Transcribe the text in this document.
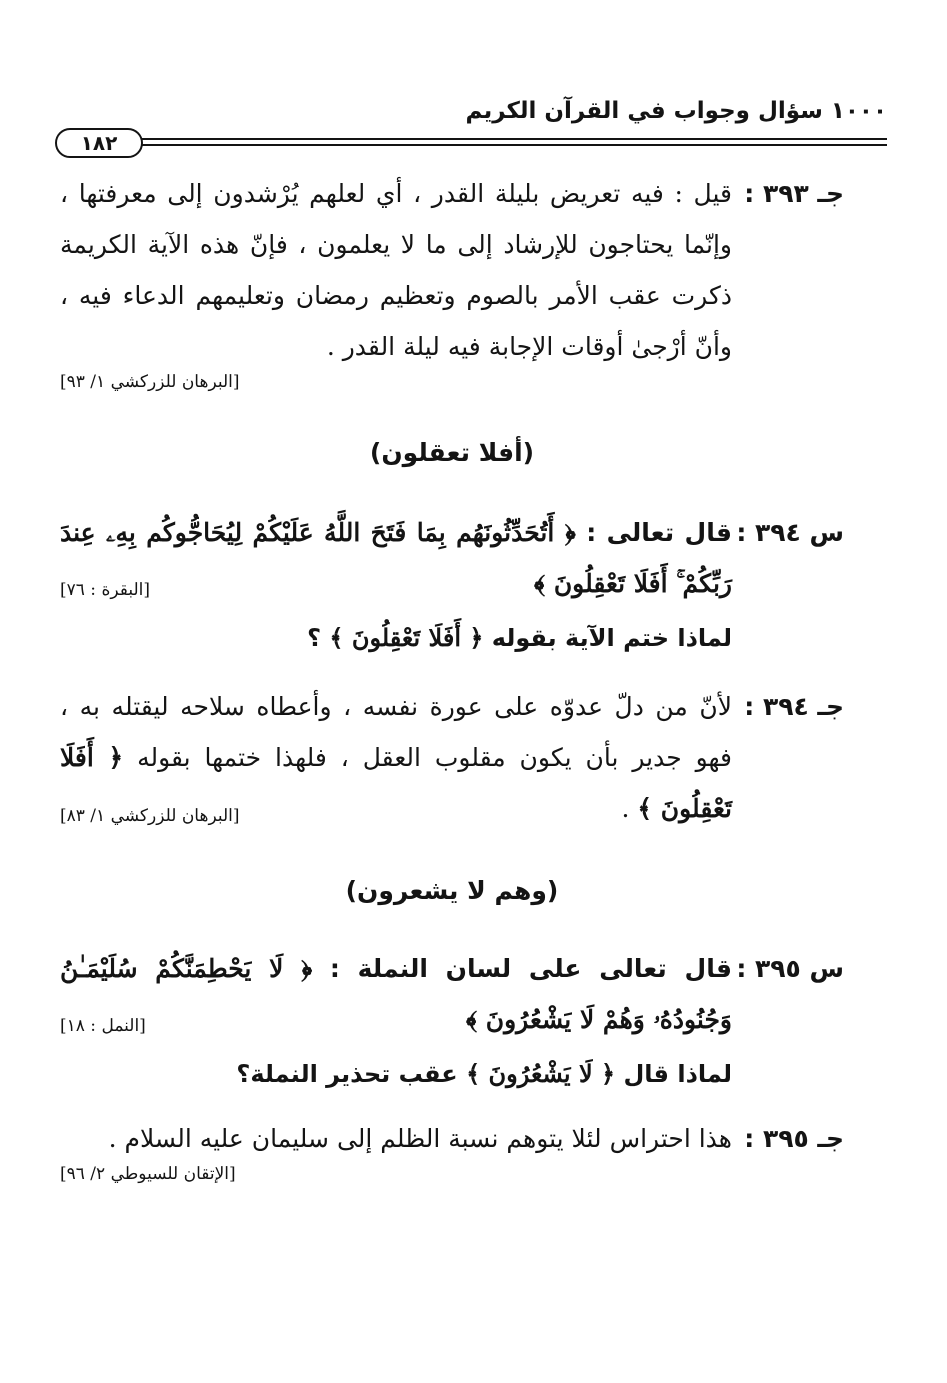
١٠٠٠ سؤال وجواب في القرآن الكريم
١٨٢
جـ ٣٩٣ :
قيل : فيه تعريض بليلة القدر ، أي لعلهم يُرْشدون إلى معرفتها ، وإنّما يحتاجون للإرشاد إلى ما لا يعلمون ، فإنّ هذه الآية الكريمة ذكرت عقب الأمر بالصوم وتعظيم رمضان وتعليمهم الدعاء فيه ، وأنّ أرْجىٰ أوقات الإجابة فيه ليلة القدر .
[البرهان للزركشي ١/ ٩٣]
(أفلا تعقلون)
س ٣٩٤ :
قال تعالى : ﴿ أَتُحَدِّثُونَهُم بِمَا فَتَحَ اللَّهُ عَلَيْكُمْ لِيُحَاجُّوكُم بِهِۦ عِندَ رَبِّكُمْ ۚ أَفَلَا تَعْقِلُونَ ﴾
[البقرة : ٧٦]
لماذا ختم الآية بقوله ﴿ أَفَلَا تَعْقِلُونَ ﴾ ؟
جـ ٣٩٤ :
لأنّ من دلّ عدوّه على عورة نفسه ، وأعطاه سلاحه ليقتله به ، فهو جدير بأن يكون مقلوب العقل ، فلهذا ختمها بقوله ﴿ أَفَلَا تَعْقِلُونَ ﴾ .
[البرهان للزركشي ١/ ٨٣]
(وهم لا يشعرون)
س ٣٩٥ :
قال تعالى على لسان النملة : ﴿ لَا يَحْطِمَنَّكُمْ سُلَيْمَـٰنُ وَجُنُودُهُۥ وَهُمْ لَا يَشْعُرُونَ ﴾
[النمل : ١٨]
لماذا قال ﴿ لَا يَشْعُرُونَ ﴾ عقب تحذير النملة؟
جـ ٣٩٥ :
هذا احتراس لئلا يتوهم نسبة الظلم إلى سليمان عليه السلام .
[الإتقان للسيوطي ٢/ ٩٦]
